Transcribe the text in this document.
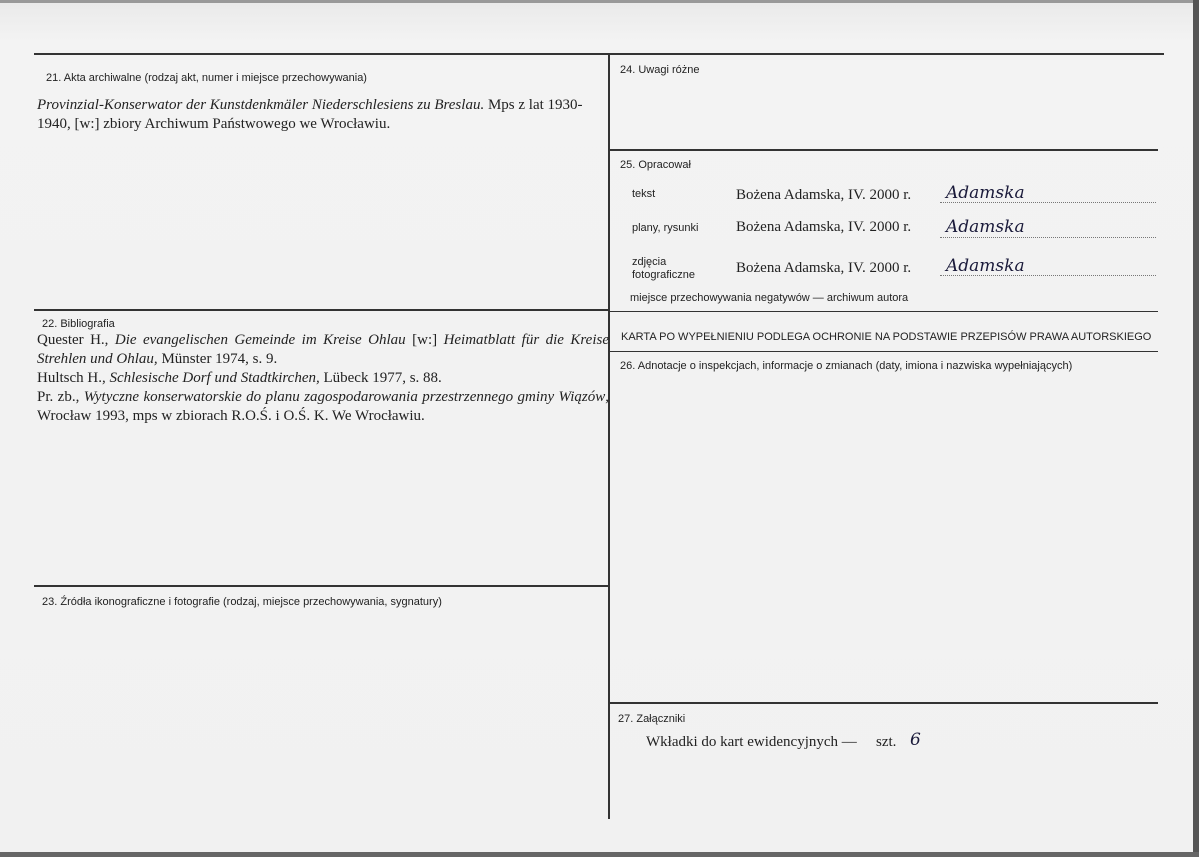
21. Akta archiwalne (rodzaj akt, numer i miejsce przechowywania)
Provinzial-Konserwator der Kunstdenkmäler Niederschlesiens zu Breslau. Mps z lat 1930-1940, [w:] zbiory Archiwum Państwowego we Wrocławiu.
22. Bibliografia
Quester H., Die evangelischen Gemeinde im Kreise Ohlau [w:] Heimatblatt für die Kreise Strehlen und Ohlau, Münster 1974, s. 9.
Hultsch H., Schlesische Dorf und Stadtkirchen, Lübeck 1977, s. 88.
Pr. zb., Wytyczne konserwatorskie do planu zagospodarowania przestrzennego gminy Wiązów, Wrocław 1993, mps w zbiorach R.O.Ś. i O.Ś. K. We Wrocławiu.
23. Źródła ikonograficzne i fotografie (rodzaj, miejsce przechowywania, sygnatury)
24. Uwagi różne
25. Opracował
tekst	Bożena Adamska, IV. 2000 r. Adamska
plany, rysunki	Bożena Adamska, IV. 2000 r. Adamska
zdjęcia
fotograficzne	Bożena Adamska, IV. 2000 r. Adamska
miejsce przechowywania negatywów — archiwum autora
KARTA PO WYPEŁNIENIU PODLEGA OCHRONIE NA PODSTAWIE PRZEPISÓW PRAWA AUTORSKIEGO
26. Adnotacje o inspekcjach, informacje o zmianach (daty, imiona i nazwiska wypełniających)
27. Załączniki
Wkładki do kart ewidencyjnych — szt. 6
